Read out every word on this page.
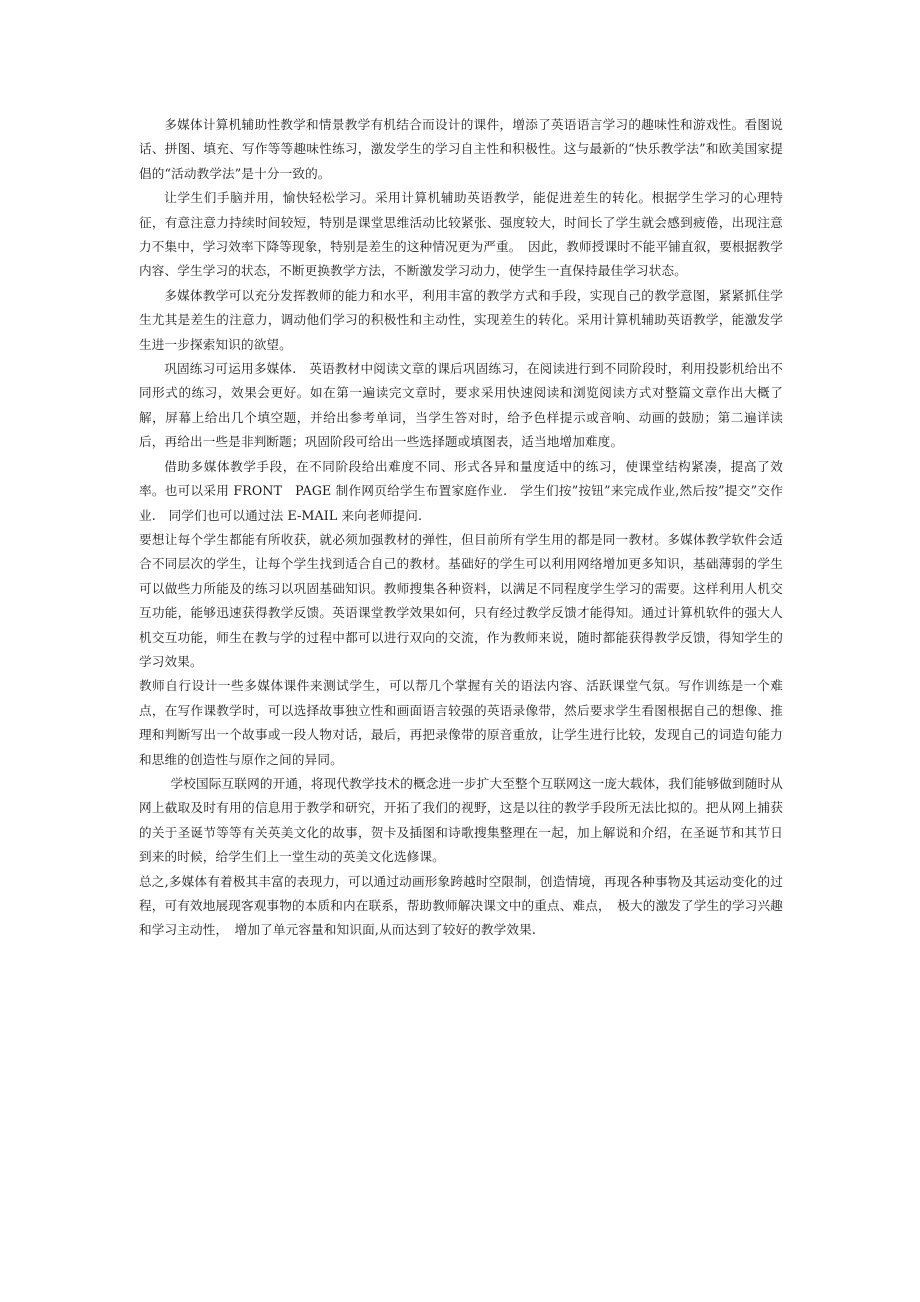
多媒体计算机辅助性教学和情景教学有机结合而设计的课件，增添了英语语言学习的趣味性和游戏性。看图说话、拼图、填充、写作等等趣味性练习，激发学生的学习自主性和积极性。这与最新的“快乐教学法”和欧美国家提倡的“活动教学法”是十分一致的。

让学生们手脑并用，愉快轻松学习。采用计算机辅助英语教学，能促进差生的转化。根据学生学习的心理特征，有意注意力持续时间较短，特别是课堂思维活动比较紧张、强度较大，时间长了学生就会感到疲倦，出现注意力不集中，学习效率下降等现象，特别是差生的这种情况更为严重。　因此，教师授课时不能平铺直叙，要根据教学内容、学生学习的状态，不断更换教学方法，不断激发学习动力，使学生一直保持最佳学习状态。

多媒体教学可以充分发挥教师的能力和水平，利用丰富的教学方式和手段，实现自己的教学意图，紧紧抓住学生尤其是差生的注意力，调动他们学习的积极性和主动性，实现差生的转化。采用计算机辅助英语教学，能激发学生进一步探索知识的欲望。

巩固练习可运用多媒体.　英语教材中阅读文章的课后巩固练习，在阅读进行到不同阶段时，利用投影机给出不同形式的练习，效果会更好。如在第一遍读完文章时，要求采用快速阅读和浏览阅读方式对整篇文章作出大概了解，屏幕上给出几个填空题，并给出参考单词，当学生答对时，给予色样提示或音响、动画的鼓励；第二遍详读后，再给出一些是非判断题；巩固阶段可给出一些选择题或填图表，适当地增加难度。

借助多媒体教学手段，在不同阶段给出难度不同、形式各异和量度适中的练习，使课堂结构紧凑，提高了效率。也可以采用 FRONT　PAGE 制作网页给学生布置家庭作业.　学生们按”按钮”来完成作业,然后按”提交”交作业.　同学们也可以通过法 E-MAIL 来向老师提问.

要想让每个学生都能有所收获，就必须加强教材的弹性，但目前所有学生用的都是同一教材。多媒体教学软件会适合不同层次的学生，让每个学生找到适合自己的教材。基础好的学生可以利用网络增加更多知识，基础薄弱的学生可以做些力所能及的练习以巩固基础知识。教师搜集各种资料，以满足不同程度学生学习的需要。这样利用人机交互功能，能够迅速获得教学反馈。英语课堂教学效果如何，只有经过教学反馈才能得知。通过计算机软件的强大人机交互功能，师生在教与学的过程中都可以进行双向的交流，作为教师来说，随时都能获得教学反馈，得知学生的学习效果。

教师自行设计一些多媒体课件来测试学生，可以帮几个掌握有关的语法内容、活跃课堂气氛。写作训练是一个难点，在写作课教学时，可以选择故事独立性和画面语言较强的英语录像带，然后要求学生看图根据自己的想像、推理和判断写出一个故事或一段人物对话，最后，再把录像带的原音重放，让学生进行比较，发现自己的词造句能力和思维的创造性与原作之间的异同。

学校国际互联网的开通，将现代教学技术的概念进一步扩大至整个互联网这一庞大载体，我们能够做到随时从网上截取及时有用的信息用于教学和研究，开拓了我们的视野，这是以往的教学手段所无法比拟的。把从网上捕获的关于圣诞节等等有关英美文化的故事，贺卡及插图和诗歌搜集整理在一起，加上解说和介绍，在圣诞节和其节日到来的时候，给学生们上一堂生动的英美文化选修课。

总之,多媒体有着极其丰富的表现力，可以通过动画形象跨越时空限制，创造情境，再现各种事物及其运动变化的过程，可有效地展现客观事物的本质和内在联系，帮助教师解决课文中的重点、难点，　极大的激发了学生的学习兴趣和学习主动性，　增加了单元容量和知识面,从而达到了较好的教学效果.
